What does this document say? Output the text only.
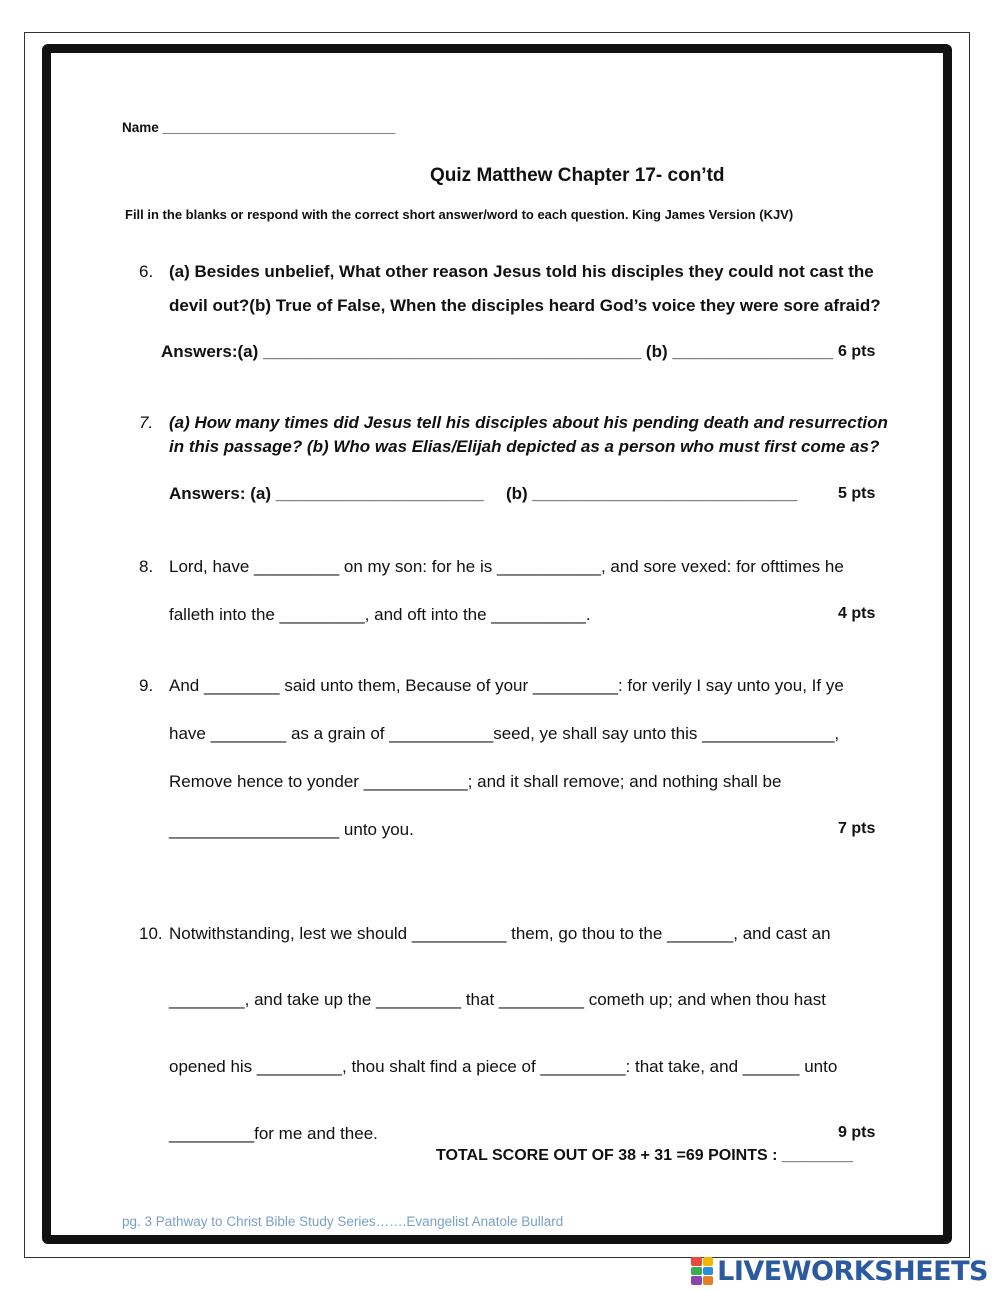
Name _______________________________
Quiz Matthew Chapter 17- con’td
Fill in the blanks or respond with the correct short answer/word to each question. King James Version (KJV)
6. (a) Besides unbelief, What other reason Jesus told his disciples they could not cast the
devil out?(b) True of False, When the disciples heard God’s voice they were sore afraid?
Answers:(a) ________________________________________ (b) _________________ 6 pts
7. (a) How many times did Jesus tell his disciples about his pending death and resurrection
in this passage? (b) Who was Elias/Elijah depicted as a person who must first come as?
Answers: (a) ______________________ (b) ____________________________	5 pts
8. Lord, have _________ on my son: for he is ___________, and sore vexed: for ofttimes he
falleth into the _________, and oft into the __________.	4 pts
9. And ________ said unto them, Because of your _________: for verily I say unto you, If ye
have ________ as a grain of ___________seed, ye shall say unto this ______________,
Remove hence to yonder ___________; and it shall remove; and nothing shall be
__________________ unto you.	7 pts
10. Notwithstanding, lest we should __________ them, go thou to the _______, and cast an
________, and take up the _________ that _________ cometh up; and when thou hast
opened his _________, thou shalt find a piece of _________: that take, and ______ unto
_________for me and thee.	9 pts
TOTAL SCORE OUT OF 38 + 31 =69 POINTS : ________
pg. 3 Pathway to Christ Bible Study Series…….Evangelist Anatole Bullard
LIVEWORKSHEETS
